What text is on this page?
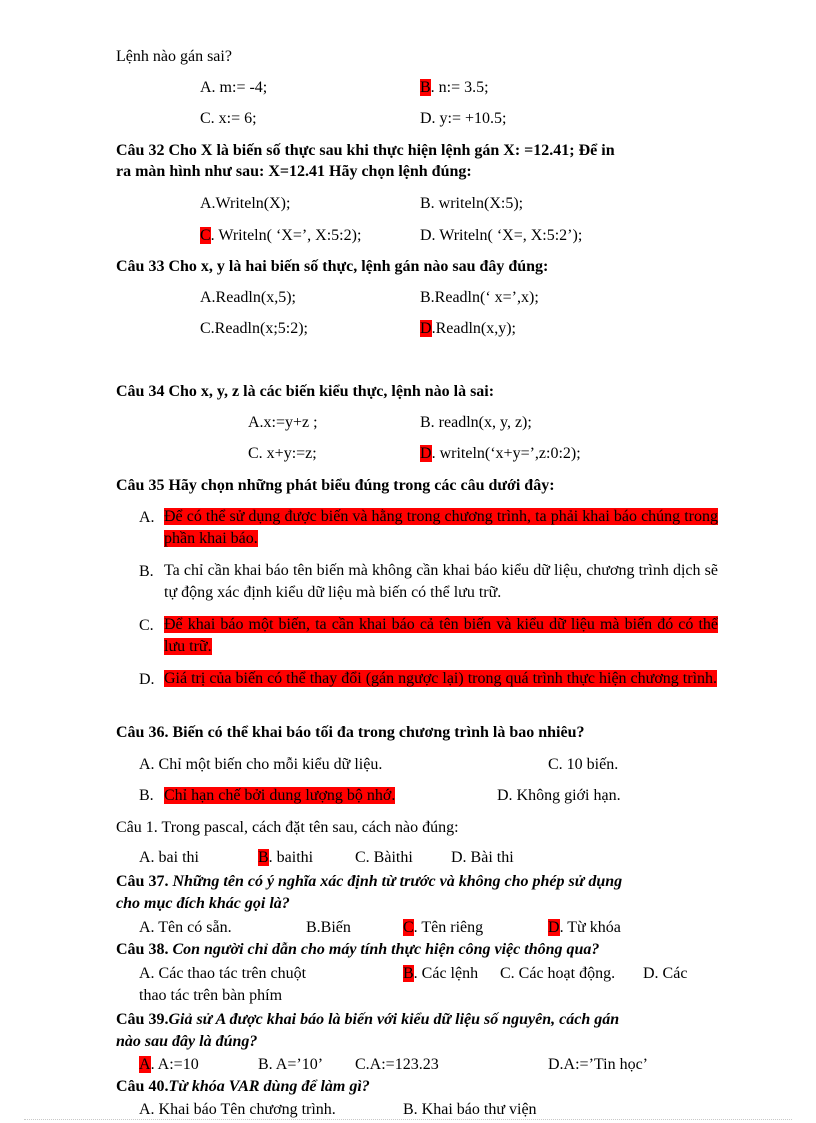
Lệnh nào gán sai?
A. m:= -4;	B. n:= 3.5;
C. x:= 6;	D. y:= +10.5;
Câu 32 Cho X là biến số thực sau khi thực hiện lệnh gán X: =12.41; Để in
ra màn hình như sau: X=12.41 Hãy chọn lệnh đúng:
A.Writeln(X);	B. writeln(X:5);
C. Writeln( ‘X=’, X:5:2);	D. Writeln( ‘X=, X:5:2’);
Câu 33 Cho x, y là hai biến số thực, lệnh gán nào sau đây đúng:
A.Readln(x,5);	B.Readln(‘ x=’,x);
C.Readln(x;5:2);	D.Readln(x,y);
Câu 34 Cho x, y, z là các biến kiểu thực, lệnh nào là sai:
A.x:=y+z ;	B. readln(x, y, z);
C. x+y:=z;	D. writeln(‘x+y=’,z:0:2);
Câu 35 Hãy chọn những phát biểu đúng trong các câu dưới đây:
A. Để có thể sử dụng được biến và hằng trong chương trình, ta phải khai báo chúng trong phần khai báo.
B. Ta chỉ cần khai báo tên biến mà không cần khai báo kiểu dữ liệu, chương trình dịch sẽ tự động xác định kiểu dữ liệu mà biến có thể lưu trữ.
C. Để khai báo một biến, ta cần khai báo cả tên biến và kiểu dữ liệu mà biến đó có thể lưu trữ.
D. Giá trị của biến có thể thay đổi (gán ngược lại) trong quá trình thực hiện chương trình.
Câu 36. Biến có thể khai báo tối đa trong chương trình là bao nhiêu?
A. Chỉ một biến cho mỗi kiểu dữ liệu.	C. 10 biến.
B. Chỉ hạn chế bởi dung lượng bộ nhớ.	D. Không giới hạn.
Câu 1. Trong pascal, cách đặt tên sau, cách nào đúng:
A. bai thi	B. baithi	C. Bàithi D. Bài thi
Câu 37. Những tên có ý nghĩa xác định từ trước và không cho phép sử dụng
cho mục đích khác gọi là?
A. Tên có sẵn.	B.Biến	C. Tên riêng	D. Từ khóa
Câu 38. Con người chỉ dẫn cho máy tính thực hiện công việc thông qua?
A. Các thao tác trên chuột	B. Các lệnh C. Các hoạt động. D. Các
thao tác trên bàn phím
Câu 39.Giả sử A được khai báo là biến với kiểu dữ liệu số nguyên, cách gán
nào sau đây là đúng?
A. A:=10	B. A=’10’ C.A:=123.23	D.A:=’Tin học’
Câu 40.Từ khóa VAR dùng để làm gì?
A. Khai báo Tên chương trình.	B. Khai báo thư viện
